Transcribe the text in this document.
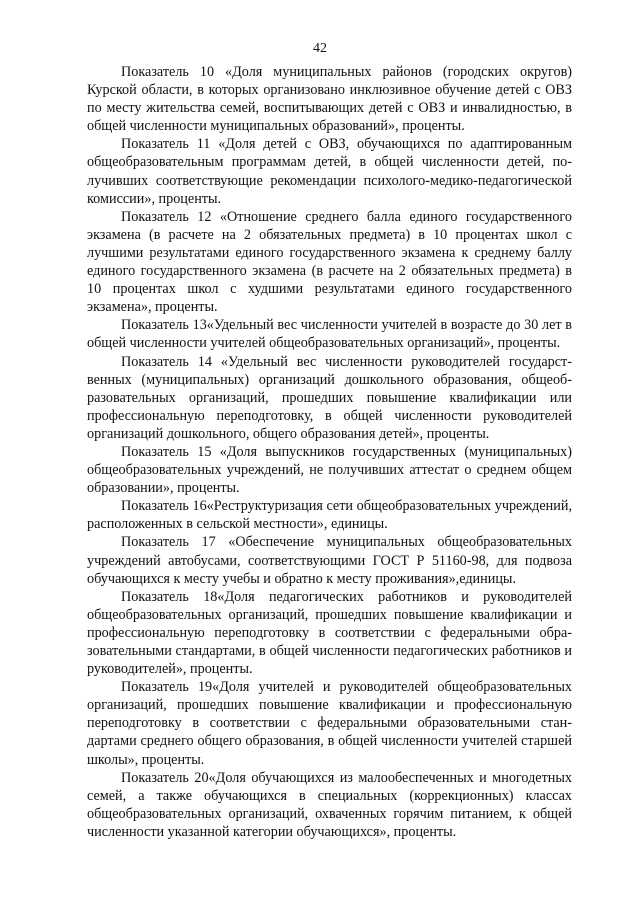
42

Показатель 10 «Доля муниципальных районов (городских округов) Курской области, в которых организовано инклюзивное обучение детей с ОВЗ по месту жительства семей, воспитывающих детей с ОВЗ и инвалидностью, в общей численности муниципальных образований», проценты.

Показатель 11 «Доля детей с ОВЗ, обучающихся по адаптированным общеобразовательным программам детей, в общей численности детей, получивших соответствующие рекомендации психолого-медико-педагогической комиссии», проценты.

Показатель 12 «Отношение среднего балла единого государственного экзамена (в расчете на 2 обязательных предмета) в 10 процентах школ с лучшими результатами единого государственного экзамена к среднему баллу единого государственного экзамена (в расчете на 2 обязательных предмета) в 10 процентах школ с худшими результатами единого государственного экзамена», проценты.

Показатель 13«Удельный вес численности учителей в возрасте до 30 лет в общей численности учителей общеобразовательных организаций», проценты.

Показатель 14 «Удельный вес численности руководителей государственных (муниципальных) организаций дошкольного образования, общеобразовательных организаций, прошедших повышение квалификации или профессиональную переподготовку, в общей численности руководителей организаций дошкольного, общего образования детей», проценты.

Показатель 15 «Доля выпускников государственных (муниципальных) общеобразовательных учреждений, не получивших аттестат о среднем общем образовании», проценты.

Показатель 16«Реструктуризация сети общеобразовательных учреждений, расположенных в сельской местности», единицы.

Показатель 17 «Обеспечение муниципальных общеобразовательных учреждений автобусами, соответствующими ГОСТ Р 51160-98, для подвоза обучающихся к месту учебы и обратно к месту проживания»,единицы.

Показатель 18«Доля педагогических работников и руководителей общеобразовательных организаций, прошедших повышение квалификации и профессиональную переподготовку в соответствии с федеральными образовательными стандартами, в общей численности педагогических работников и руководителей», проценты.

Показатель 19«Доля учителей и руководителей общеобразовательных организаций, прошедших повышение квалификации и профессиональную переподготовку в соответствии с федеральными образовательными стандартами среднего общего образования, в общей численности учителей старшей школы», проценты.

Показатель 20«Доля обучающихся из малообеспеченных и многодетных семей, а также обучающихся в специальных (коррекционных) классах общеобразовательных организаций, охваченных горячим питанием, к общей численности указанной категории обучающихся», проценты.
